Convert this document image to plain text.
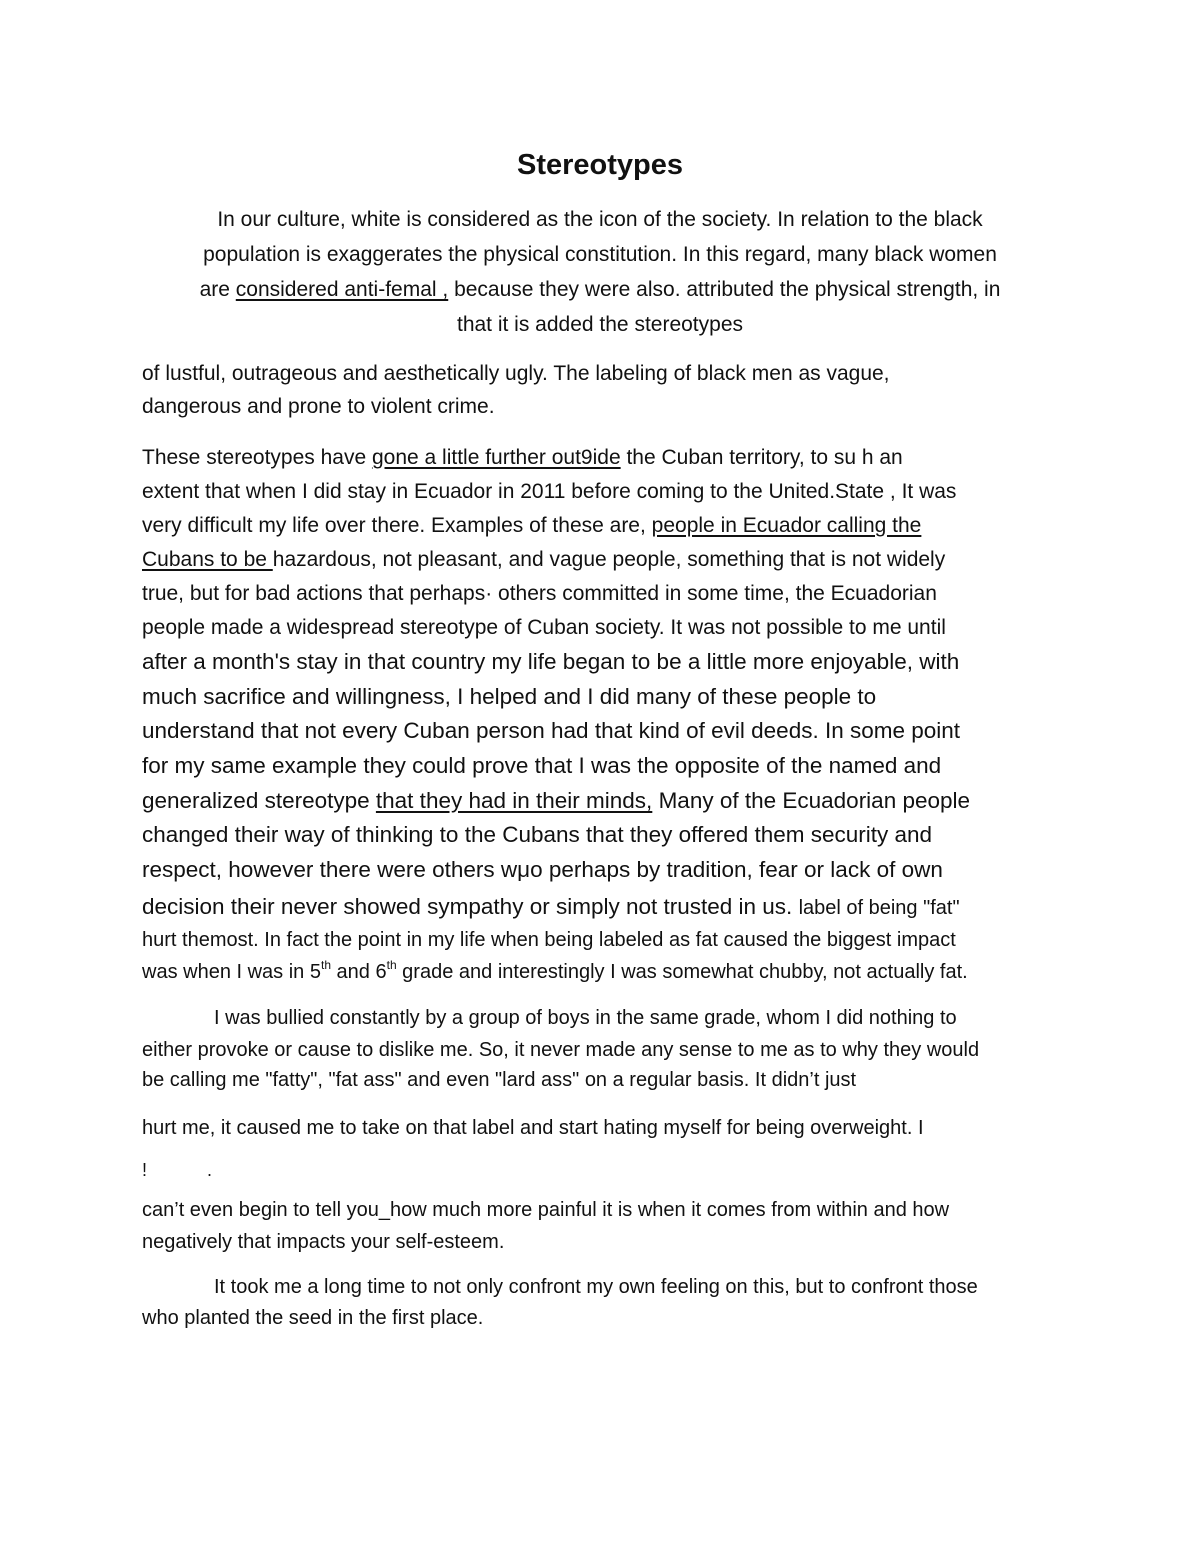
Stereotypes
In our culture, white is considered as the icon of the society. In relation to the black
population is exaggerates the physical constitution. In this regard, many black women
are considered anti-femal , because they were also. attributed the physical strength, in
that it is added the stereotypes
of lustful, outrageous and aesthetically ugly. The labeling of black men as vague,
dangerous and prone to violent crime.
These stereotypes have gone a little further out9ide the Cuban territory, to su h an
extent that when I did stay in Ecuador in 2011 before coming to the United.State , It was
very difficult my life over there. Examples of these are, people in Ecuador calling the
Cubans to be hazardous, not pleasant, and vague people, something that is not widely
true, but for bad actions that perhaps· others committed in some time, the Ecuadorian
people made a widespread stereotype of Cuban society. It was not possible to me until
after a month's stay in that country my life began to be a little more enjoyable, with
much sacrifice and willingness, I helped and I did many of these people to
understand that not every Cuban person had that kind of evil deeds. In some point
for my same example they could prove that I was the opposite of the named and
generalized stereotype that they had in their minds, Many of the Ecuadorian people
changed their way of thinking to the Cubans that they offered them security and
respect, however there were others wμo perhaps by tradition, fear or lack of own
decision their never showed sympathy or simply not trusted in us. label of being "fat"
hurt themost. In fact the point in my life when being labeled as fat caused the biggest impact
was when I was in 5th and 6th grade and interestingly I was somewhat chubby, not actually fat.
I was bullied constantly by a group of boys in the same grade, whom I did nothing to
either provoke or cause to dislike me. So, it never made any sense to me as to why they would
be calling me "fatty", "fat ass" and even "lard ass" on a regular basis. It didn’t just
hurt me, it caused me to take on that label and start hating myself for being overweight. I
!            .
can’t even begin to tell you_how much more painful it is when it comes from within and how
negatively that impacts your self-esteem.
It took me a long time to not only confront my own feeling on this, but to confront those
who planted the seed in the first place.
